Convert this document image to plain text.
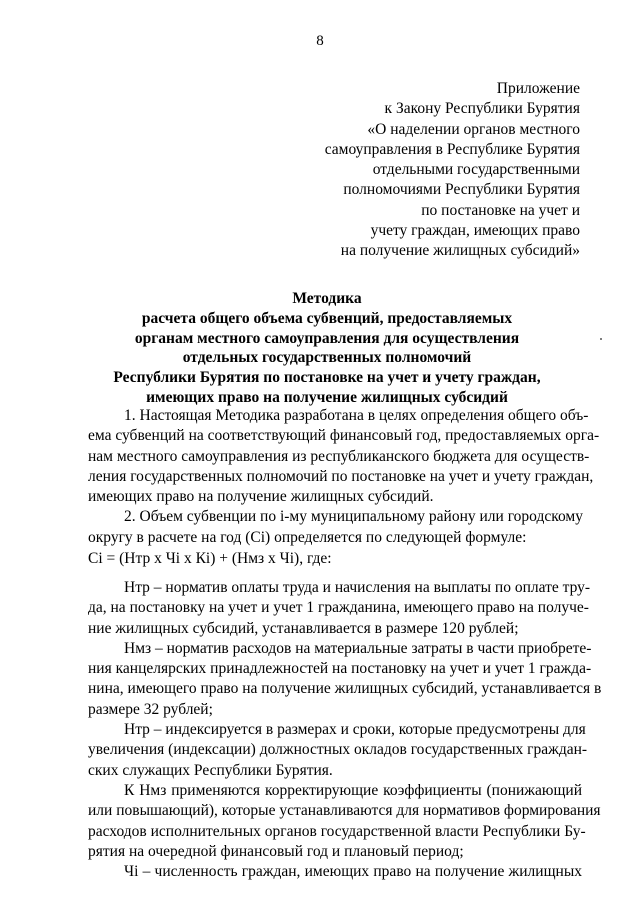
8
Приложение
к Закону Республики Бурятия
«О наделении органов местного
самоуправления в Республике Бурятия
отдельными государственными
полномочиями Республики Бурятия
по постановке на учет и
учету граждан, имеющих право
на получение жилищных субсидий»
Методика
расчета общего объема субвенций, предоставляемых
органам местного самоуправления для осуществления
отдельных государственных полномочий
Республики Бурятия по постановке на учет и учету граждан,
имеющих право на получение жилищных субсидий
1. Настоящая Методика разработана в целях определения общего объ-
ема субвенций на соответствующий финансовый год, предоставляемых орга-
нам местного самоуправления из республиканского бюджета для осуществ-
ления государственных полномочий по постановке на учет и учету граждан,
имеющих право на получение жилищных субсидий.
2. Объем субвенции по i-му муниципальному району или городскому
округу в расчете на год (Сi) определяется по следующей формуле:
Сi = (Нтр х Чi х Кi) + (Нмз х Чi), где:
Нтр – норматив оплаты труда и начисления на выплаты по оплате тру-
да, на постановку на учет и учет 1 гражданина, имеющего право на получе-
ние жилищных субсидий, устанавливается в размере 120 рублей;
Нмз – норматив расходов на материальные затраты в части приобрете-
ния канцелярских принадлежностей на постановку на учет и учет 1 гражда-
нина, имеющего право на получение жилищных субсидий, устанавливается в
размере 32 рублей;
Нтр – индексируется в размерах и сроки, которые предусмотрены для
увеличения (индексации) должностных окладов государственных граждан-
ских служащих Республики Бурятия.
К Нмз применяются корректирующие коэффициенты (понижающий
или повышающий), которые устанавливаются для нормативов формирования
расходов исполнительных органов государственной власти Республики Бу-
рятия на очередной финансовый год и плановый период;
Чi – численность граждан, имеющих право на получение жилищных
